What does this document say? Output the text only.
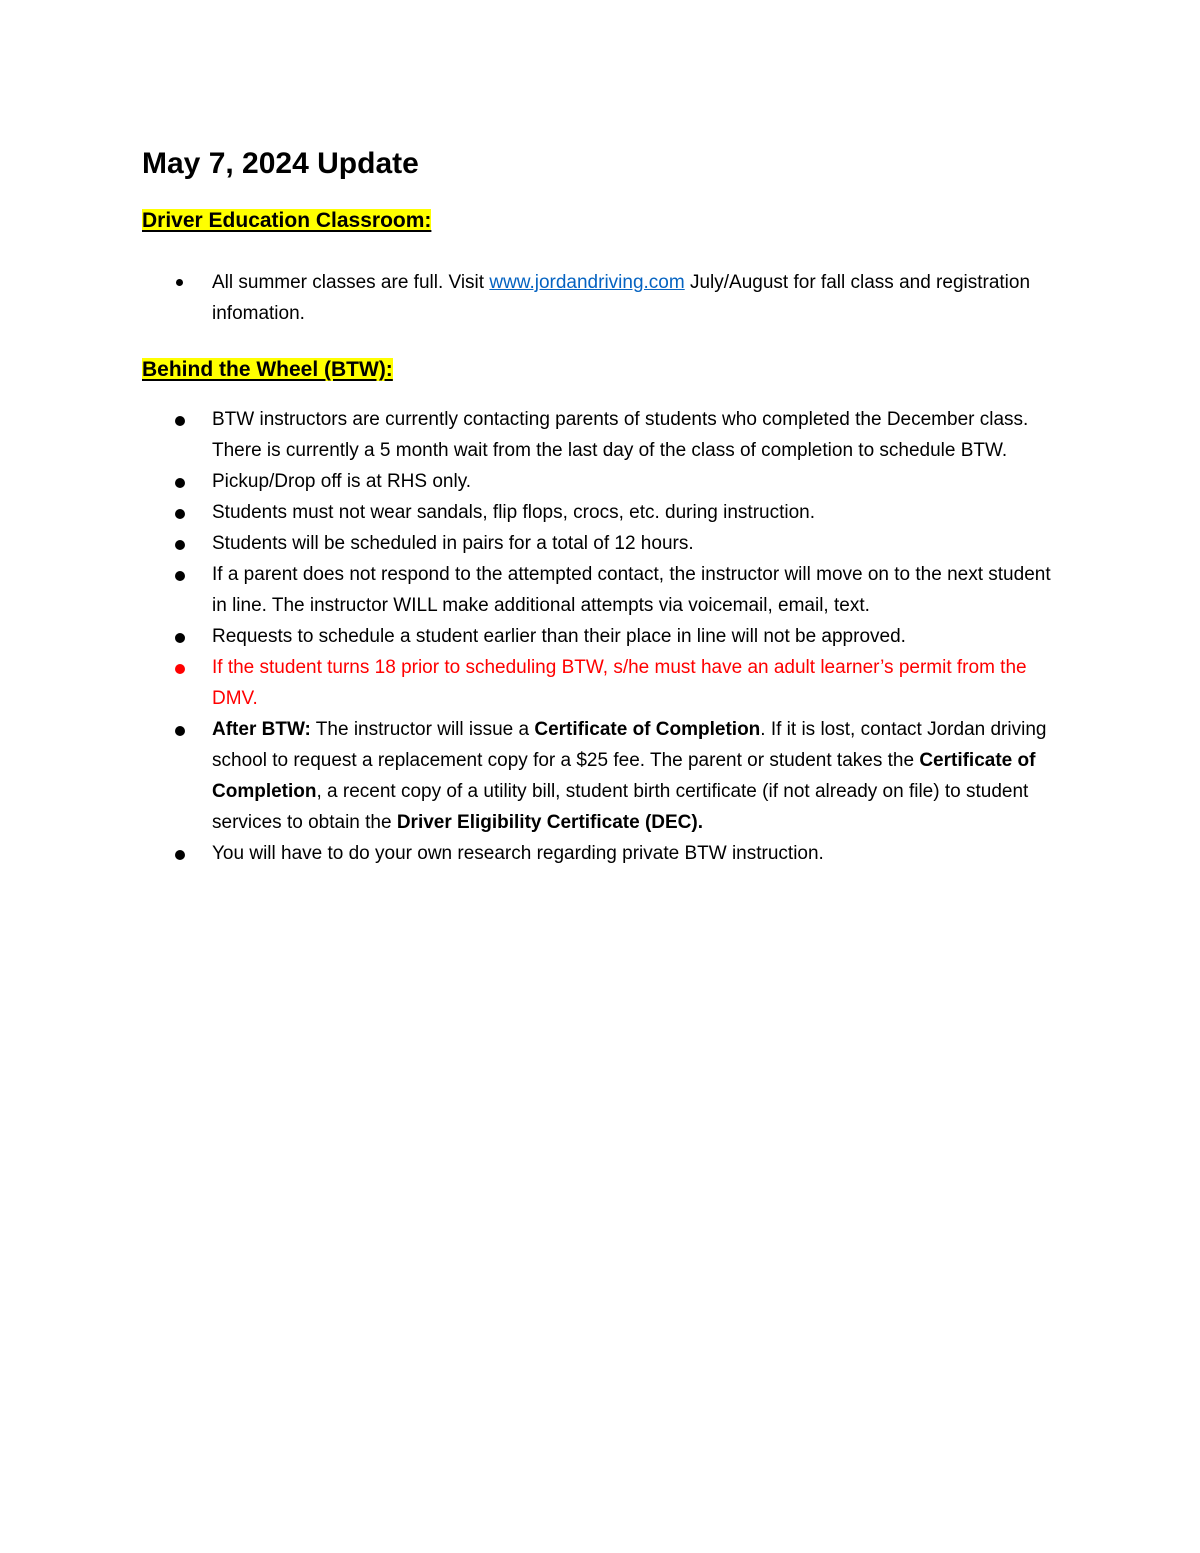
May 7, 2024 Update
Driver Education Classroom:
All summer classes are full. Visit www.jordandriving.com July/August for fall class and registration infomation.
Behind the Wheel (BTW):
BTW instructors are currently contacting parents of students who completed the December class. There is currently a 5 month wait from the last day of the class of completion to schedule BTW.
Pickup/Drop off is at RHS only.
Students must not wear sandals, flip flops, crocs, etc. during instruction.
Students will be scheduled in pairs for a total of 12 hours.
If a parent does not respond to the attempted contact, the instructor will move on to the next student in line. The instructor WILL make additional attempts via voicemail, email, text.
Requests to schedule a student earlier than their place in line will not be approved.
If the student turns 18 prior to scheduling BTW, s/he must have an adult learner’s permit from the DMV.
After BTW: The instructor will issue a Certificate of Completion. If it is lost, contact Jordan driving school to request a replacement copy for a $25 fee. The parent or student takes the Certificate of Completion, a recent copy of a utility bill, student birth certificate (if not already on file) to student services to obtain the Driver Eligibility Certificate (DEC).
You will have to do your own research regarding private BTW instruction.
